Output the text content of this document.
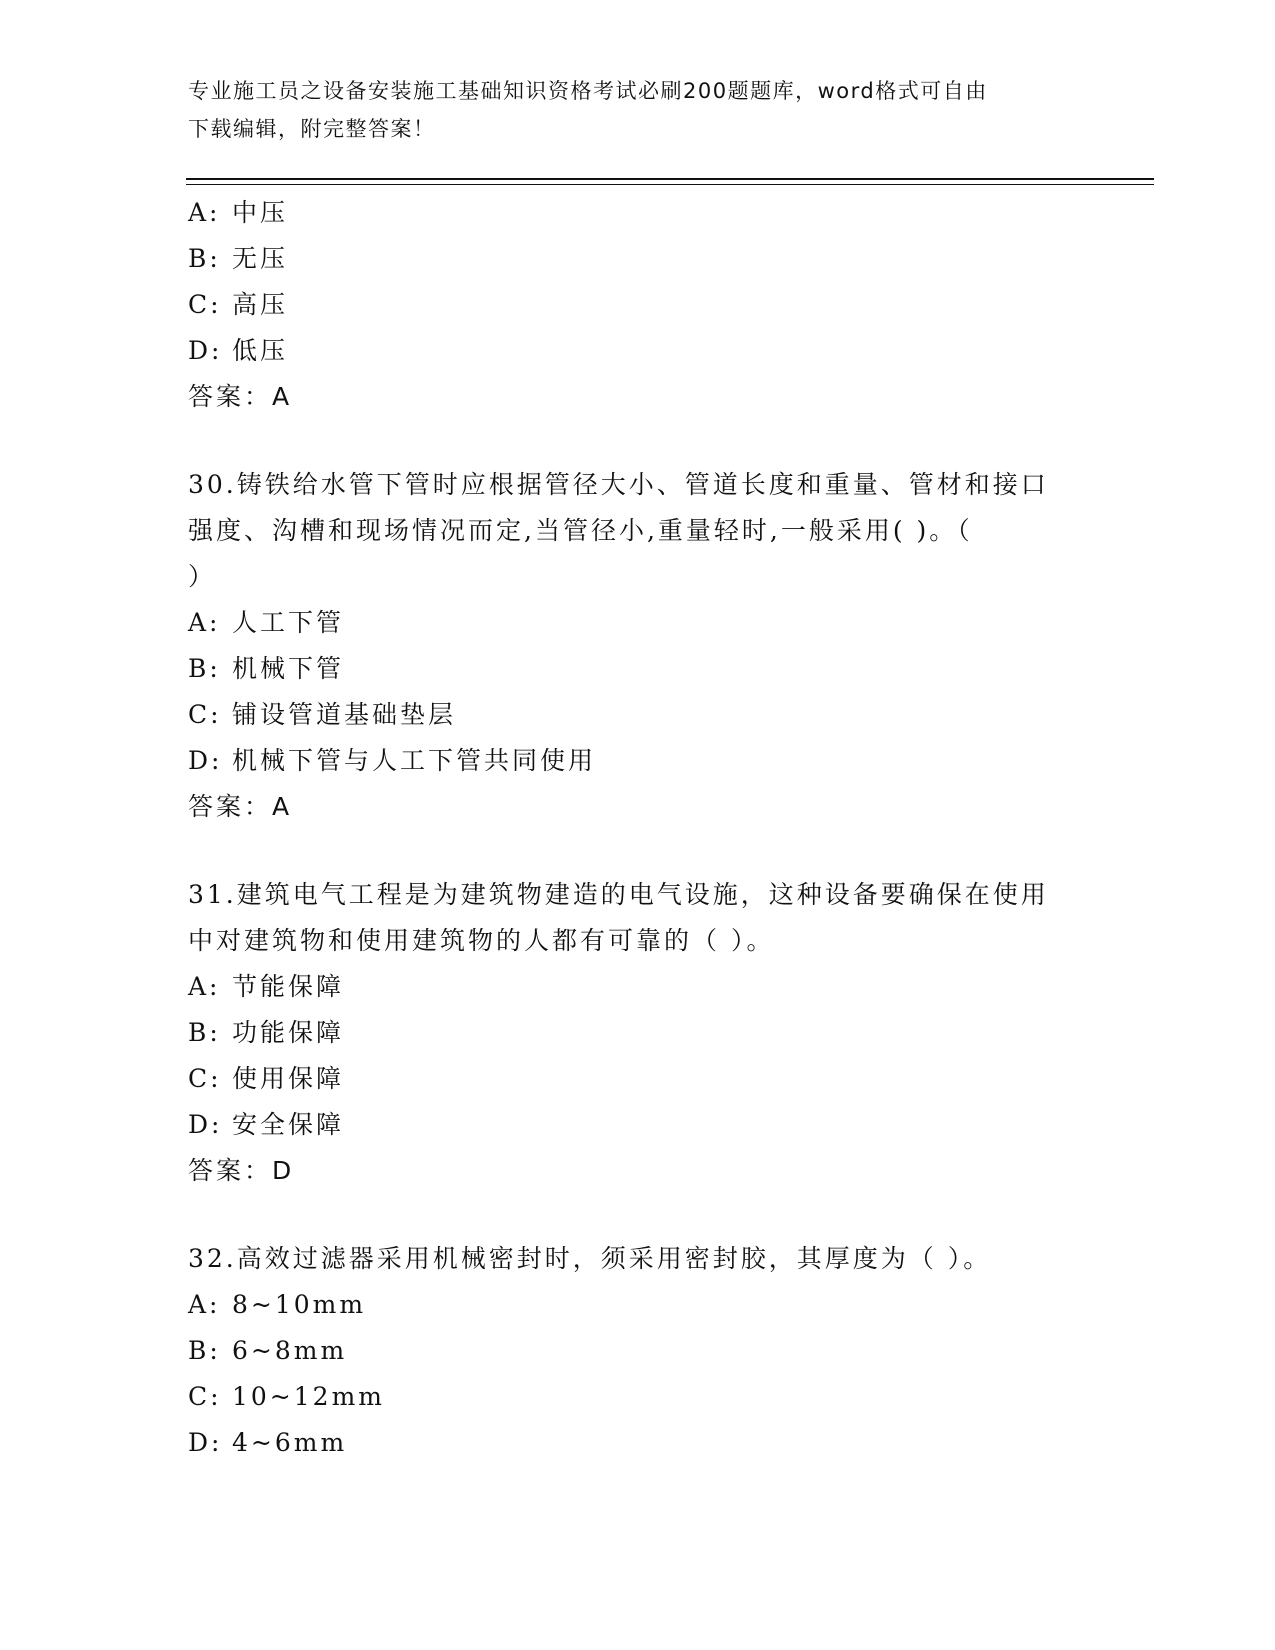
专业施工员之设备安装施工基础知识资格考试必刷200题题库，word格式可自由
下载编辑，附完整答案！
A: 中压
B: 无压
C: 高压
D: 低压
答案：A
30.铸铁给水管下管时应根据管径大小、管道长度和重量、管材和接口
强度、沟槽和现场情况而定,当管径小,重量轻时,一般采用( )。（
）
A: 人工下管
B: 机械下管
C: 铺设管道基础垫层
D: 机械下管与人工下管共同使用
答案：A
31.建筑电气工程是为建筑物建造的电气设施，这种设备要确保在使用
中对建筑物和使用建筑物的人都有可靠的（ ）。
A: 节能保障
B: 功能保障
C: 使用保障
D: 安全保障
答案：D
32.高效过滤器采用机械密封时，须采用密封胶，其厚度为（ ）。
A: 8~10mm
B: 6~8mm
C: 10~12mm
D: 4~6mm
